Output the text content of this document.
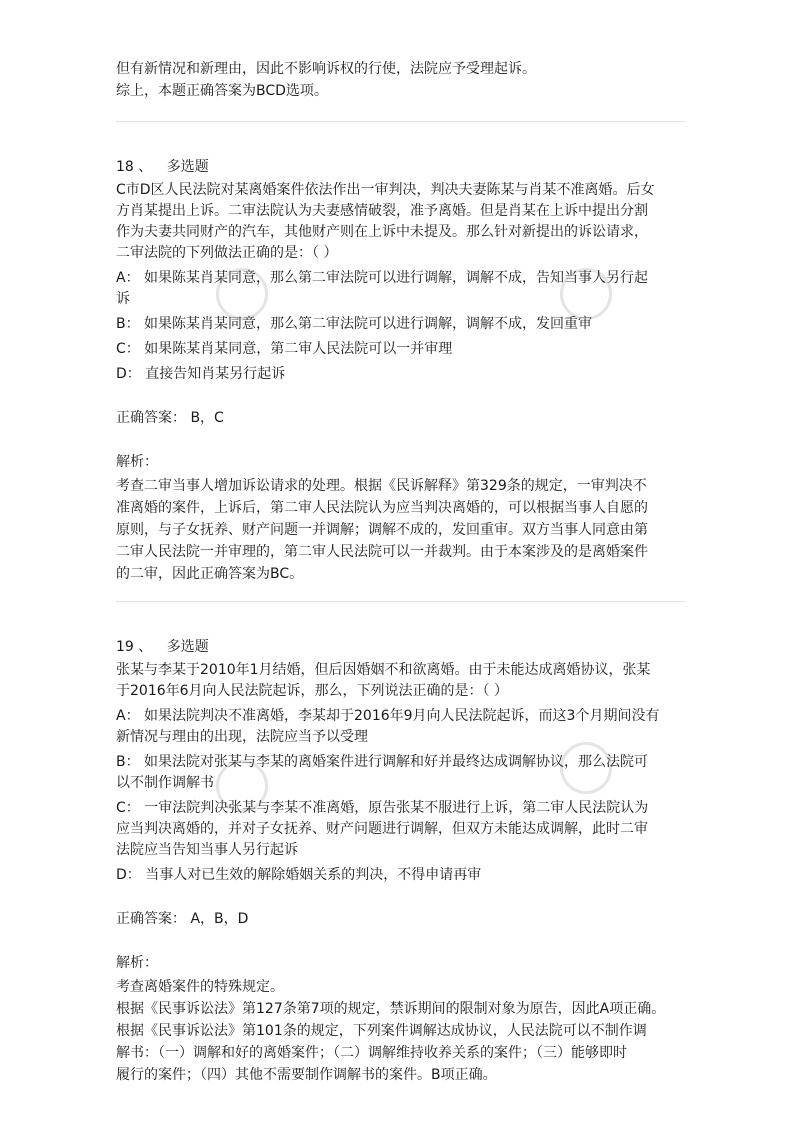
但有新情况和新理由，因此不影响诉权的行使，法院应予受理起诉。

综上，本题正确答案为BCD选项。

18 、 多选题

C市D区人民法院对某离婚案件依法作出一审判决，判决夫妻陈某与肖某不准离婚。后女
方肖某提出上诉。二审法院认为夫妻感情破裂，准予离婚。但是肖某在上诉中提出分割
作为夫妻共同财产的汽车，其他财产则在上诉中未提及。那么针对新提出的诉讼请求，
二审法院的下列做法正确的是：（ ）
A： 如果陈某肖某同意，那么第二审法院可以进行调解，调解不成，告知当事人另行起
诉
B： 如果陈某肖某同意，那么第二审法院可以进行调解，调解不成，发回重审
C： 如果陈某肖某同意，第二审人民法院可以一并审理
D： 直接告知肖某另行起诉

正确答案： B，C

解析：

考查二审当事人增加诉讼请求的处理。根据《民诉解释》第329条的规定，一审判决不
准离婚的案件，上诉后，第二审人民法院认为应当判决离婚的，可以根据当事人自愿的
原则，与子女抚养、财产问题一并调解；调解不成的，发回重审。双方当事人同意由第
二审人民法院一并审理的，第二审人民法院可以一并裁判。由于本案涉及的是离婚案件
的二审，因此正确答案为BC。

19 、 多选题

张某与李某于2010年1月结婚，但后因婚姻不和欲离婚。由于未能达成离婚协议，张某
于2016年6月向人民法院起诉，那么，下列说法正确的是：（ ）
A： 如果法院判决不准离婚，李某却于2016年9月向人民法院起诉，而这3个月期间没有
新情况与理由的出现，法院应当予以受理
B： 如果法院对张某与李某的离婚案件进行调解和好并最终达成调解协议，那么法院可
以不制作调解书
C： 一审法院判决张某与李某不准离婚，原告张某不服进行上诉，第二审人民法院认为
应当判决离婚的，并对子女抚养、财产问题进行调解，但双方未能达成调解，此时二审
法院应当告知当事人另行起诉
D： 当事人对已生效的解除婚姻关系的判决，不得申请再审

正确答案： A，B，D

解析：

考查离婚案件的特殊规定。
根据《民事诉讼法》第127条第7项的规定，禁诉期间的限制对象为原告，因此A项正确。
根据《民事诉讼法》第101条的规定，下列案件调解达成协议，人民法院可以不制作调
解书：（一）调解和好的离婚案件；（二）调解维持收养关系的案件；（三）能够即时
履行的案件；（四）其他不需要制作调解书的案件。B项正确。
